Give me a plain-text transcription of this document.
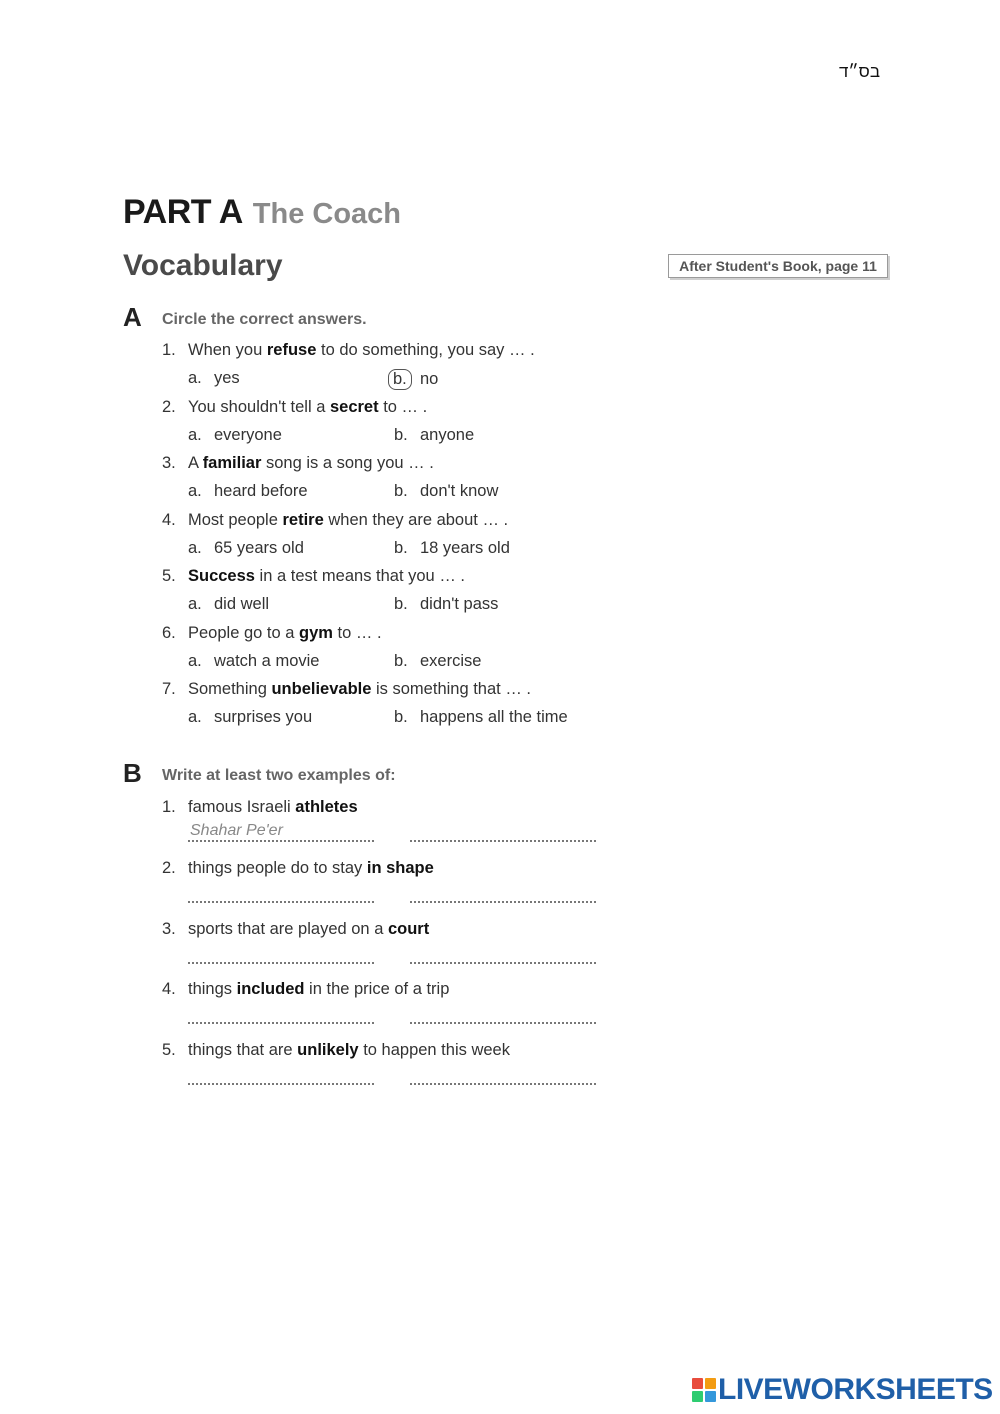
בס״ד
PART A The Coach
Vocabulary	After Student's Book, page 11
A Circle the correct answers.
1. When you refuse to do something, you say … .
a. yes	b. no
2. You shouldn't tell a secret to … .
a. everyone	b. anyone
3. A familiar song is a song you … .
a. heard before	b. don't know
4. Most people retire when they are about … .
a. 65 years old	b. 18 years old
5. Success in a test means that you … .
a. did well	b. didn't pass
6. People go to a gym to … .
a. watch a movie	b. exercise
7. Something unbelievable is something that … .
a. surprises you	b. happens all the time
B Write at least two examples of:
1. famous Israeli athletes
Shahar Pe'er
2. things people do to stay in shape
3. sports that are played on a court
4. things included in the price of a trip
5. things that are unlikely to happen this week
LIVEWORKSHEETS
